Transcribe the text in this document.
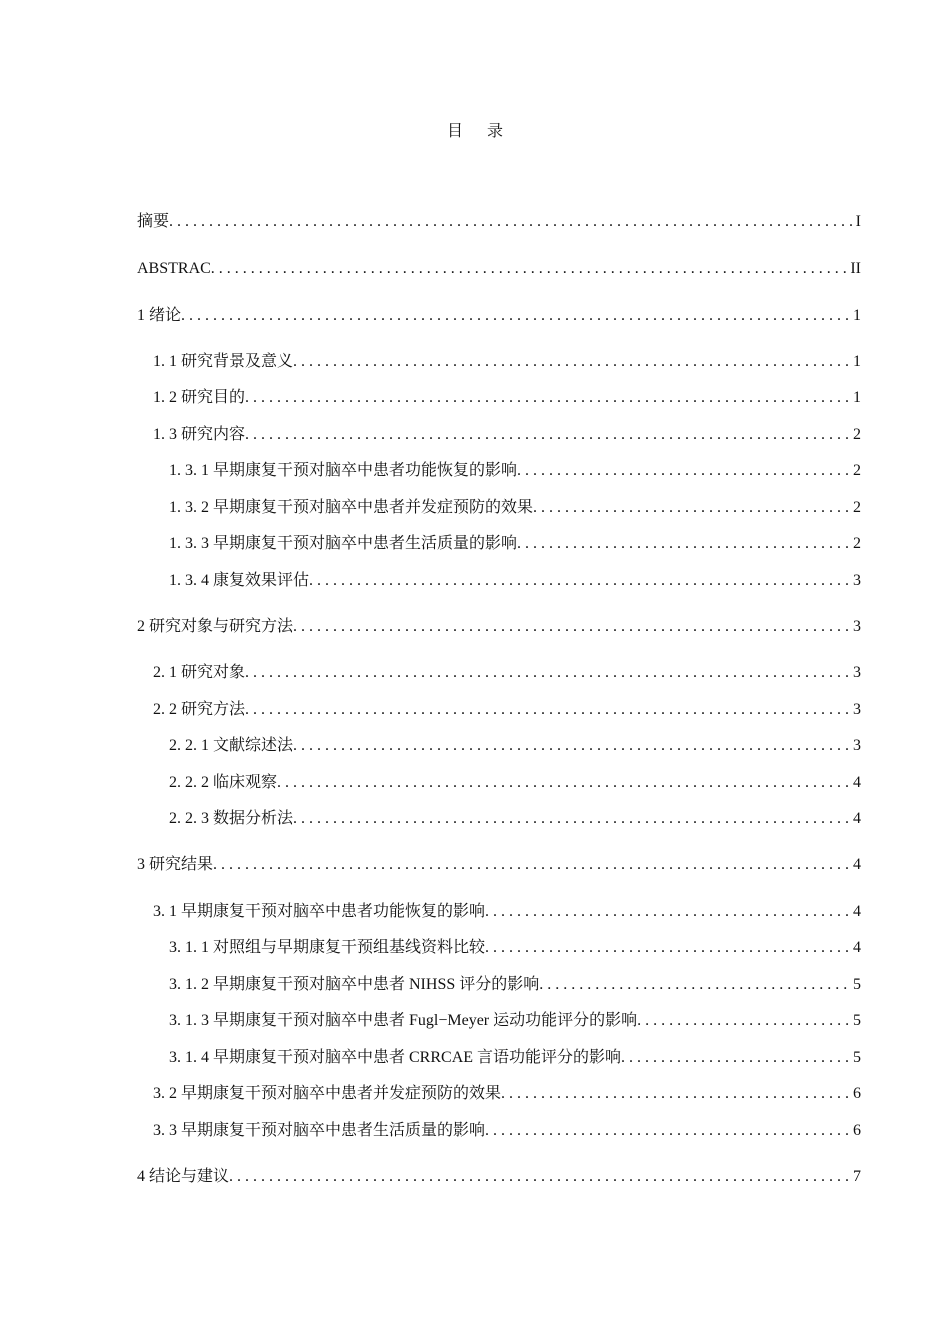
目 录
摘要 . . .	I
ABSTRAC . . .	II
1 绪论 . . .	1
1. 1 研究背景及意义 . . .	1
1. 2 研究目的 . . .	1
1. 3 研究内容 . . .	2
1. 3. 1 早期康复干预对脑卒中患者功能恢复的影响 . . .	2
1. 3. 2 早期康复干预对脑卒中患者并发症预防的效果 . . .	2
1. 3. 3 早期康复干预对脑卒中患者生活质量的影响 . . .	2
1. 3. 4 康复效果评估 . . .	3
2 研究对象与研究方法 . . .	3
2. 1 研究对象 . . .	3
2. 2 研究方法 . . .	3
2. 2. 1 文献综述法 . . .	3
2. 2. 2 临床观察 . . .	4
2. 2. 3 数据分析法 . . .	4
3 研究结果 . . .	4
3. 1 早期康复干预对脑卒中患者功能恢复的影响 . . .	4
3. 1. 1 对照组与早期康复干预组基线资料比较 . . .	4
3. 1. 2 早期康复干预对脑卒中患者 NIHSS 评分的影响 . . .	5
3. 1. 3 早期康复干预对脑卒中患者 Fugl−Meyer 运动功能评分的影响 . . .	5
3. 1. 4 早期康复干预对脑卒中患者 CRRCAE 言语功能评分的影响 . . .	5
3. 2 早期康复干预对脑卒中患者并发症预防的效果 . . .	6
3. 3 早期康复干预对脑卒中患者生活质量的影响 . . .	6
4 结论与建议 . . .	7
